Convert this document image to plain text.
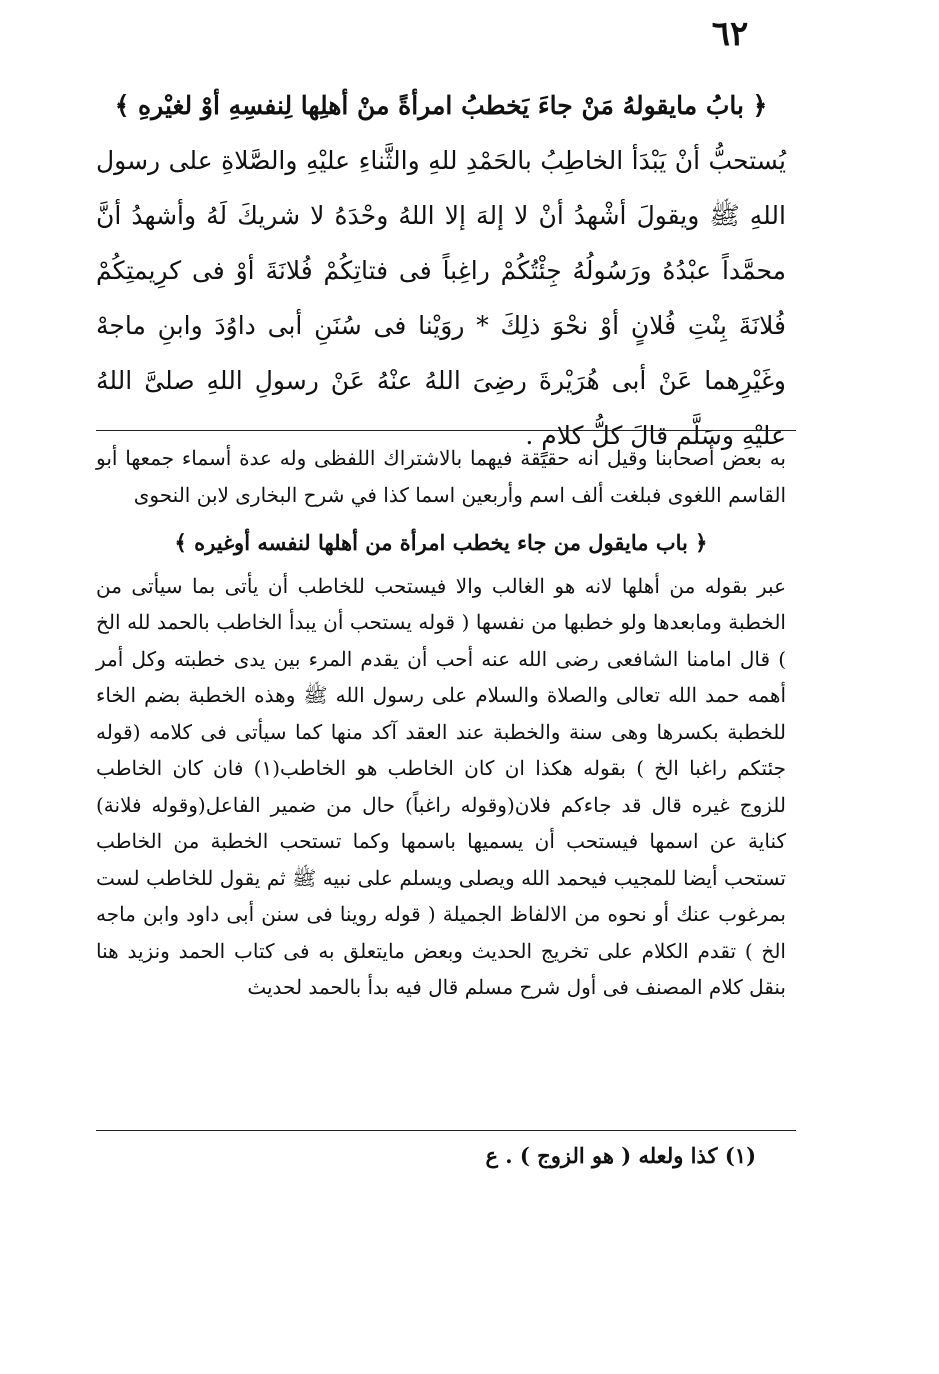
٦٢

﴿ بابُ مايقولهُ مَنْ جاءَ يَخطبُ امرأةً منْ أهلِها لِنفسِهِ أوْ لغيْرهِ ﴾

يُستحبُّ أنْ يَبْدَأ الخاطِبُ بالحَمْدِ للهِ والثَّناءِ عليْهِ والصَّلاةِ على رسول اللهِ ﷺ ويقولَ أشْهدُ أنْ لا إلهَ إلا اللهُ وحْدَهُ لا شريكَ لَهُ وأشهدُ أنَّ محمَّداً عبْدُهُ ورَسُولُهُ جِئْتُكُمْ راغِباً فى فتاتِكُمْ فُلانَةَ أوْ فى كرِيمتِكُمْ فُلانَةَ بِنْتِ فُلانٍ أوْ نحْوَ ذلِكَ * روَيْنا فى سُنَنِ أبى داوُدَ وابنِ ماجهْ وغَيْرِهما عَنْ أبى هُرَيْرةَ رضِىَ اللهُ عنْهُ عَنْ رسولِ اللهِ صلىَّ اللهُ عليْهِ وسَلَّم قالَ كلُّ كلامٍ .

به بعض أصحابنا وقيل انه حقيقة فيهما بالاشتراك اللفظى وله عدة أسماء جمعها أبو القاسم اللغوى فبلغت ألف اسم وأربعين اسما كذا في شرح البخارى لابن النحوى

﴿ باب مايقول من جاء يخطب امرأة من أهلها لنفسه أوغيره ﴾

عبر بقوله من أهلها لانه هو الغالب والا فيستحب للخاطب أن يأتى بما سيأتى من الخطبة ومابعدها ولو خطبها من نفسها ( قوله يستحب أن يبدأ الخاطب بالحمد لله الخ ) قال امامنا الشافعى رضى الله عنه أحب أن يقدم المرء بين يدى خطبته وكل أمر أهمه حمد الله تعالى والصلاة والسلام على رسول الله ﷺ وهذه الخطبة بضم الخاء للخطبة بكسرها وهى سنة والخطبة عند العقد آكد منها كما سيأتى فى كلامه (قوله جئتكم راغبا الخ ) بقوله هكذا ان كان الخاطب هو الخاطب(١) فان كان الخاطب للزوج غيره قال قد جاءكم فلان(وقوله راغباً) حال من ضمير الفاعل(وقوله فلانة) كناية عن اسمها فيستحب أن يسميها باسمها وكما تستحب الخطبة من الخاطب تستحب أيضا للمجيب فيحمد الله ويصلى ويسلم على نبيه ﷺ ثم يقول للخاطب لست بمرغوب عنك أو نحوه من الالفاظ الجميلة ( قوله روينا فى سنن أبى داود وابن ماجه الخ ) تقدم الكلام على تخريج الحديث وبعض مايتعلق به فى كتاب الحمد ونزيد هنا بنقل كلام المصنف فى أول شرح مسلم قال فيه بدأ بالحمد لحديث

(١) كذا ولعله ( هو الزوج ) . ع
